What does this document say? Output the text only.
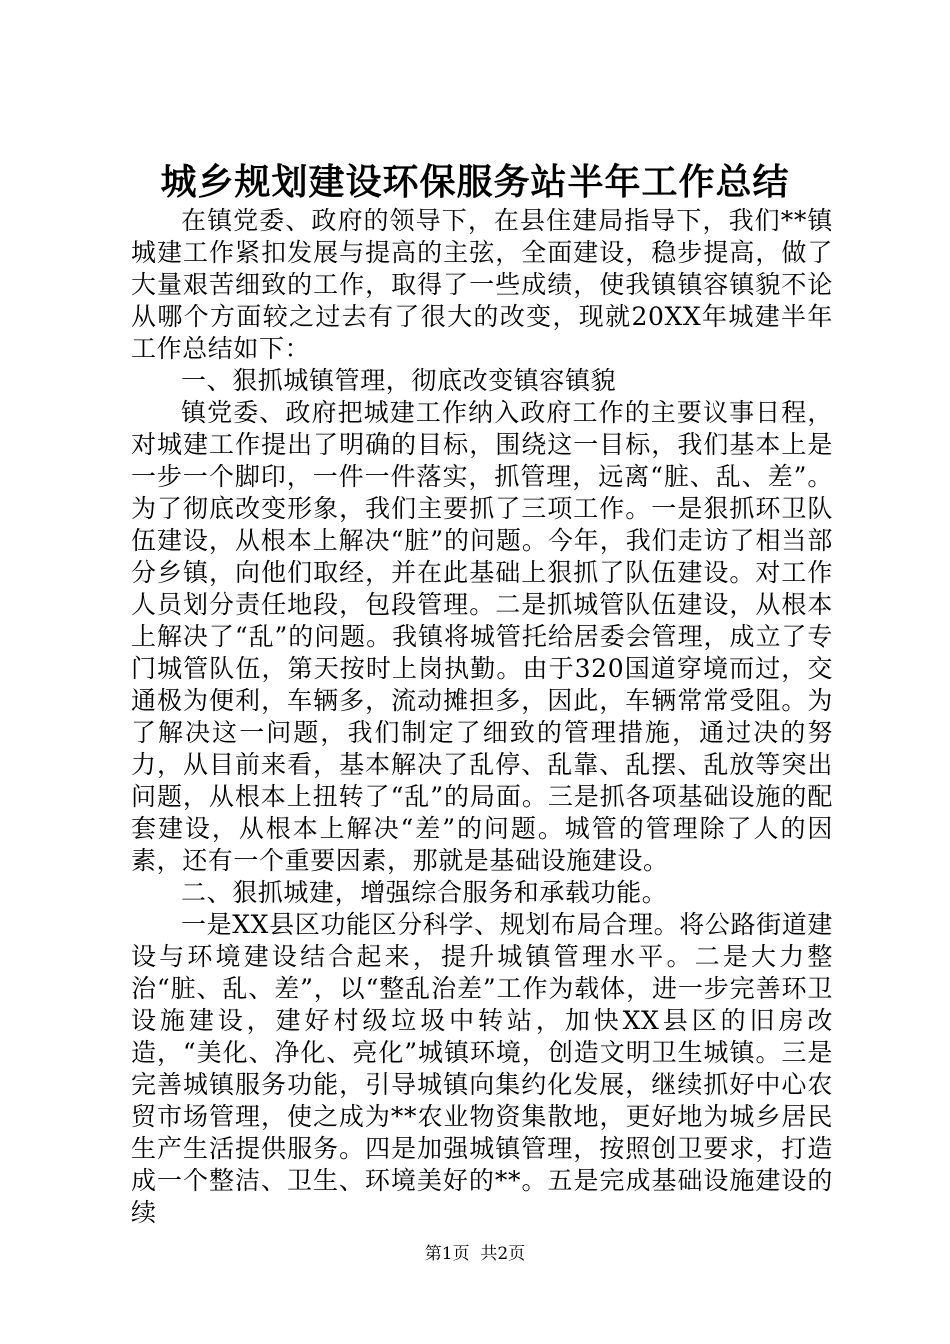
城乡规划建设环保服务站半年工作总结

在镇党委、政府的领导下，在县住建局指导下，我们**镇城建工作紧扣发展与提高的主弦，全面建设，稳步提高，做了大量艰苦细致的工作，取得了一些成绩，使我镇镇容镇貌不论从哪个方面较之过去有了很大的改变，现就20XX年城建半年工作总结如下：

一、狠抓城镇管理，彻底改变镇容镇貌

镇党委、政府把城建工作纳入政府工作的主要议事日程，对城建工作提出了明确的目标，围绕这一目标，我们基本上是一步一个脚印，一件一件落实，抓管理，远离“脏、乱、差”。为了彻底改变形象，我们主要抓了三项工作。一是狠抓环卫队伍建设，从根本上解决“脏”的问题。今年，我们走访了相当部分乡镇，向他们取经，并在此基础上狠抓了队伍建设。对工作人员划分责任地段，包段管理。二是抓城管队伍建设，从根本上解决了“乱”的问题。我镇将城管托给居委会管理，成立了专门城管队伍，第天按时上岗执勤。由于320国道穿境而过，交通极为便利，车辆多，流动摊担多，因此，车辆常常受阻。为了解决这一问题，我们制定了细致的管理措施，通过决的努力，从目前来看，基本解决了乱停、乱靠、乱摆、乱放等突出问题，从根本上扭转了“乱”的局面。三是抓各项基础设施的配套建设，从根本上解决“差”的问题。城管的管理除了人的因素，还有一个重要因素，那就是基础设施建设。

二、狠抓城建，增强综合服务和承载功能。

一是XX县区功能区分科学、规划布局合理。将公路街道建设与环境建设结合起来，提升城镇管理水平。二是大力整治“脏、乱、差”，以“整乱治差”工作为载体，进一步完善环卫设施建设，建好村级垃圾中转站，加快XX县区的旧房改造，“美化、净化、亮化”城镇环境，创造文明卫生城镇。三是完善城镇服务功能，引导城镇向集约化发展，继续抓好中心农贸市场管理，使之成为**农业物资集散地，更好地为城乡居民生产生活提供服务。四是加强城镇管理，按照创卫要求，打造成一个整洁、卫生、环境美好的**。五是完成基础设施建设的续

第1页 共2页
